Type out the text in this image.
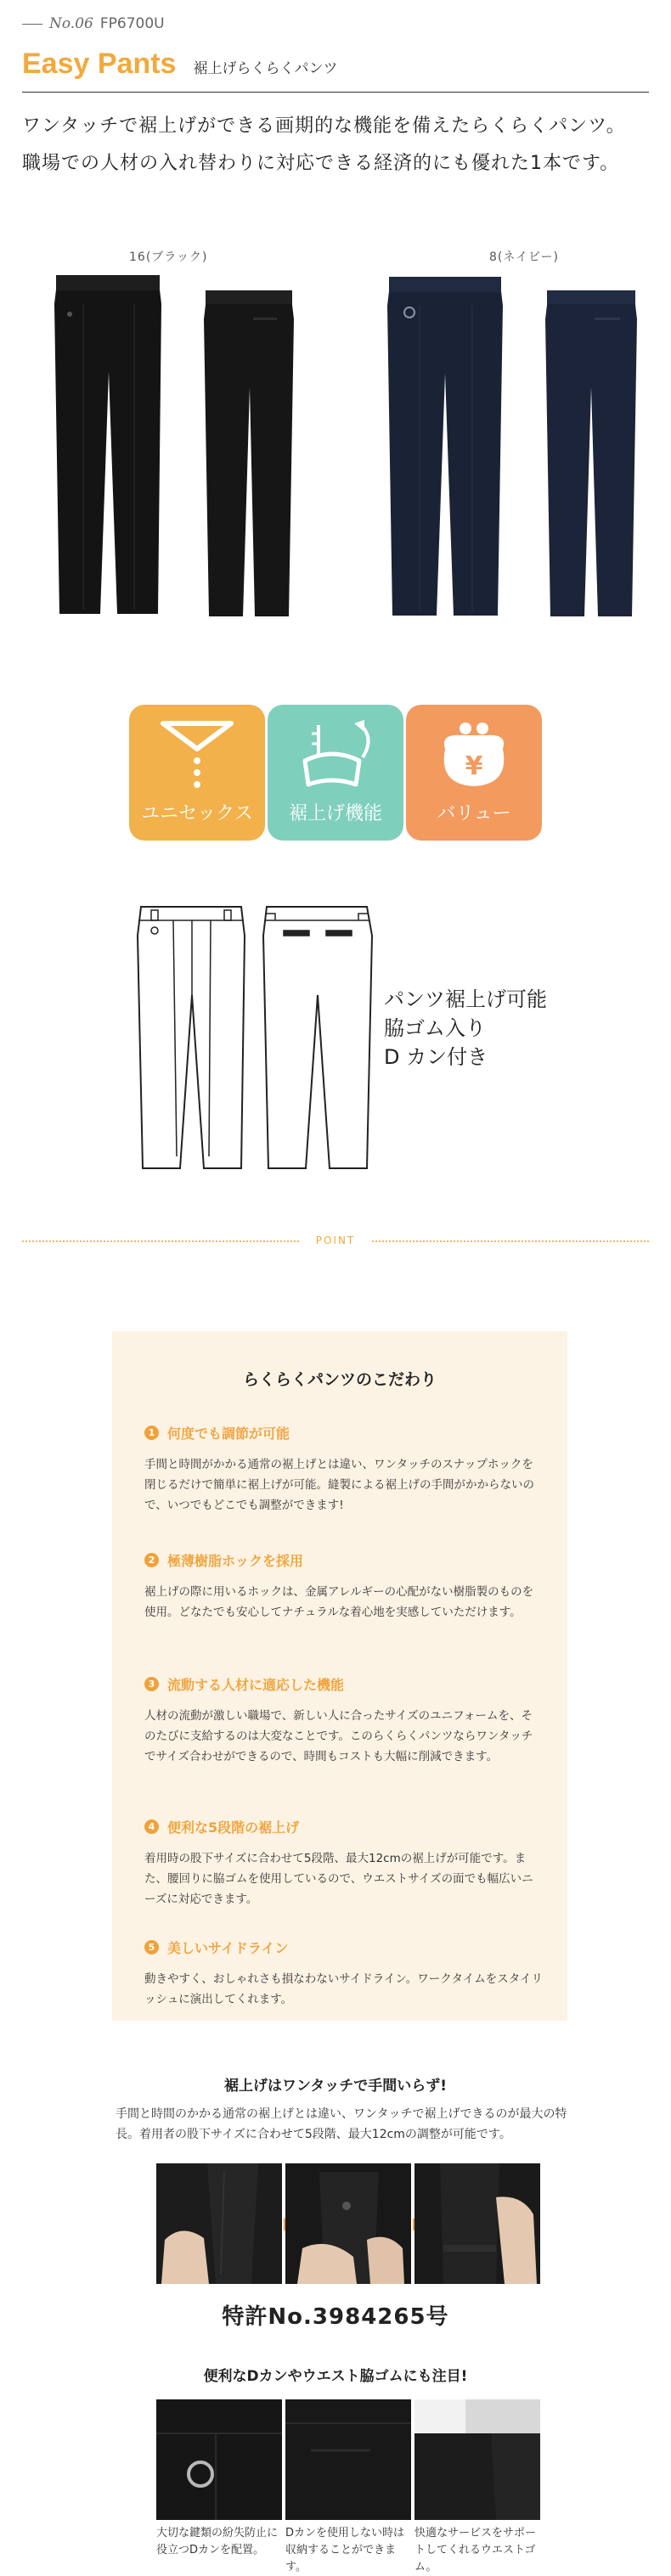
No.06 FP6700U
Easy Pants 裾上げらくらくパンツ
ワンタッチで裾上げができる画期的な機能を備えたらくらくパンツ。
職場での人材の入れ替わりに対応できる経済的にも優れた1本です。
16(ブラック)	8(ネイビー)
ユニセックス	裾上げ機能
¥
バリュー
パンツ裾上げ可能
脇ゴム入り
D カン付き
POINT
らくらくパンツのこだわり
1 何度でも調節が可能
手間と時間がかかる通常の裾上げとは違い、ワンタッチのスナップホックを閉じるだけで簡単に裾上げが可能。縫製による裾上げの手間がかからないので、いつでもどこでも調整ができます!
2 極薄樹脂ホックを採用
裾上げの際に用いるホックは、金属アレルギーの心配がない樹脂製のものを使用。どなたでも安心してナチュラルな着心地を実感していただけます。
3 流動する人材に適応した機能
人材の流動が激しい職場で、新しい人に合ったサイズのユニフォームを、そのたびに支給するのは大変なことです。このらくらくパンツならワンタッチでサイズ合わせができるので、時間もコストも大幅に削減できます。
4 便利な5段階の裾上げ
着用時の股下サイズに合わせて5段階、最大12cmの裾上げが可能です。また、腰回りに脇ゴムを使用しているので、ウエストサイズの面でも幅広いニーズに対応できます。
5 美しいサイドライン
動きやすく、おしゃれさも損なわないサイドライン。ワークタイムをスタイリッシュに演出してくれます。
裾上げはワンタッチで手間いらず!
手間と時間のかかる通常の裾上げとは違い、ワンタッチで裾上げできるのが最大の特長。着用者の股下サイズに合わせて5段階、最大12cmの調整が可能です。
特許No.3984265号
便利なDカンやウエスト脇ゴムにも注目!
大切な鍵類の紛失防止に役立つDカンを配置。
Dカンを使用しない時は収納することができます。
快適なサービスをサポートしてくれるウエストゴム。
